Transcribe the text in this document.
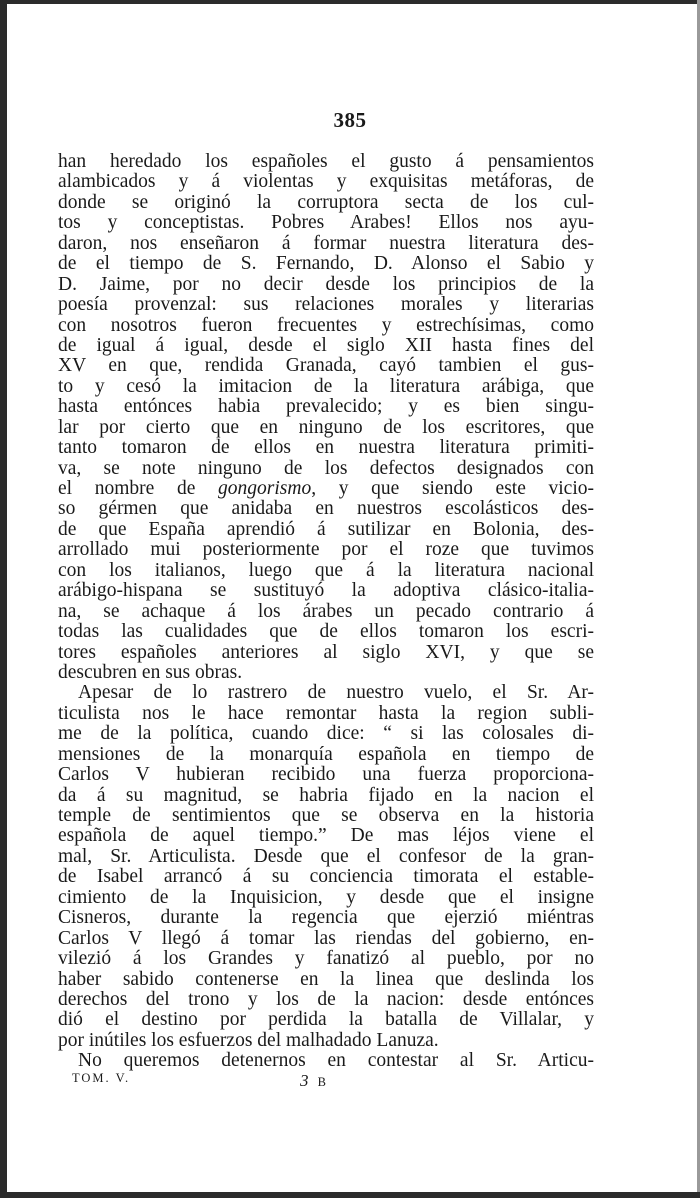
385
han heredado los españoles el gusto á pensamientos
alambicados y á violentas y exquisitas metáforas, de
donde se originó la corruptora secta de los cul-
tos y conceptistas. Pobres Arabes! Ellos nos ayu-
daron, nos enseñaron á formar nuestra literatura des-
de el tiempo de S. Fernando, D. Alonso el Sabio y
D. Jaime, por no decir desde los principios de la
poesía provenzal: sus relaciones morales y literarias
con nosotros fueron frecuentes y estrechísimas, como
de igual á igual, desde el siglo XII hasta fines del
XV en que, rendida Granada, cayó tambien el gus-
to y cesó la imitacion de la literatura arábiga, que
hasta entónces habia prevalecido; y es bien singu-
lar por cierto que en ninguno de los escritores, que
tanto tomaron de ellos en nuestra literatura primiti-
va, se note ninguno de los defectos designados con
el nombre de gongorismo, y que siendo este vicio-
so gérmen que anidaba en nuestros escolásticos des-
de que España aprendió á sutilizar en Bolonia, des-
arrollado mui posteriormente por el roze que tuvimos
con los italianos, luego que á la literatura nacional
arábigo-hispana se sustituyó la adoptiva clásico-italia-
na, se achaque á los árabes un pecado contrario á
todas las cualidades que de ellos tomaron los escri-
tores españoles anteriores al siglo XVI, y que se
descubren en sus obras.
Apesar de lo rastrero de nuestro vuelo, el Sr. Ar-
ticulista nos le hace remontar hasta la region subli-
me de la política, cuando dice: “ si las colosales di-
mensiones de la monarquía española en tiempo de
Carlos V hubieran recibido una fuerza proporciona-
da á su magnitud, se habria fijado en la nacion el
temple de sentimientos que se observa en la historia
española de aquel tiempo.” De mas léjos viene el
mal, Sr. Articulista. Desde que el confesor de la gran-
de Isabel arrancó á su conciencia timorata el estable-
cimiento de la Inquisicion, y desde que el insigne
Cisneros, durante la regencia que ejerzió miéntras
Carlos V llegó á tomar las riendas del gobierno, en-
vilezió á los Grandes y fanatizó al pueblo, por no
haber sabido contenerse en la linea que deslinda los
derechos del trono y los de la nacion: desde entónces
dió el destino por perdida la batalla de Villalar, y
por inútiles los esfuerzos del malhadado Lanuza.
No queremos detenernos en contestar al Sr. Articu-
TOM. V.	3 B
